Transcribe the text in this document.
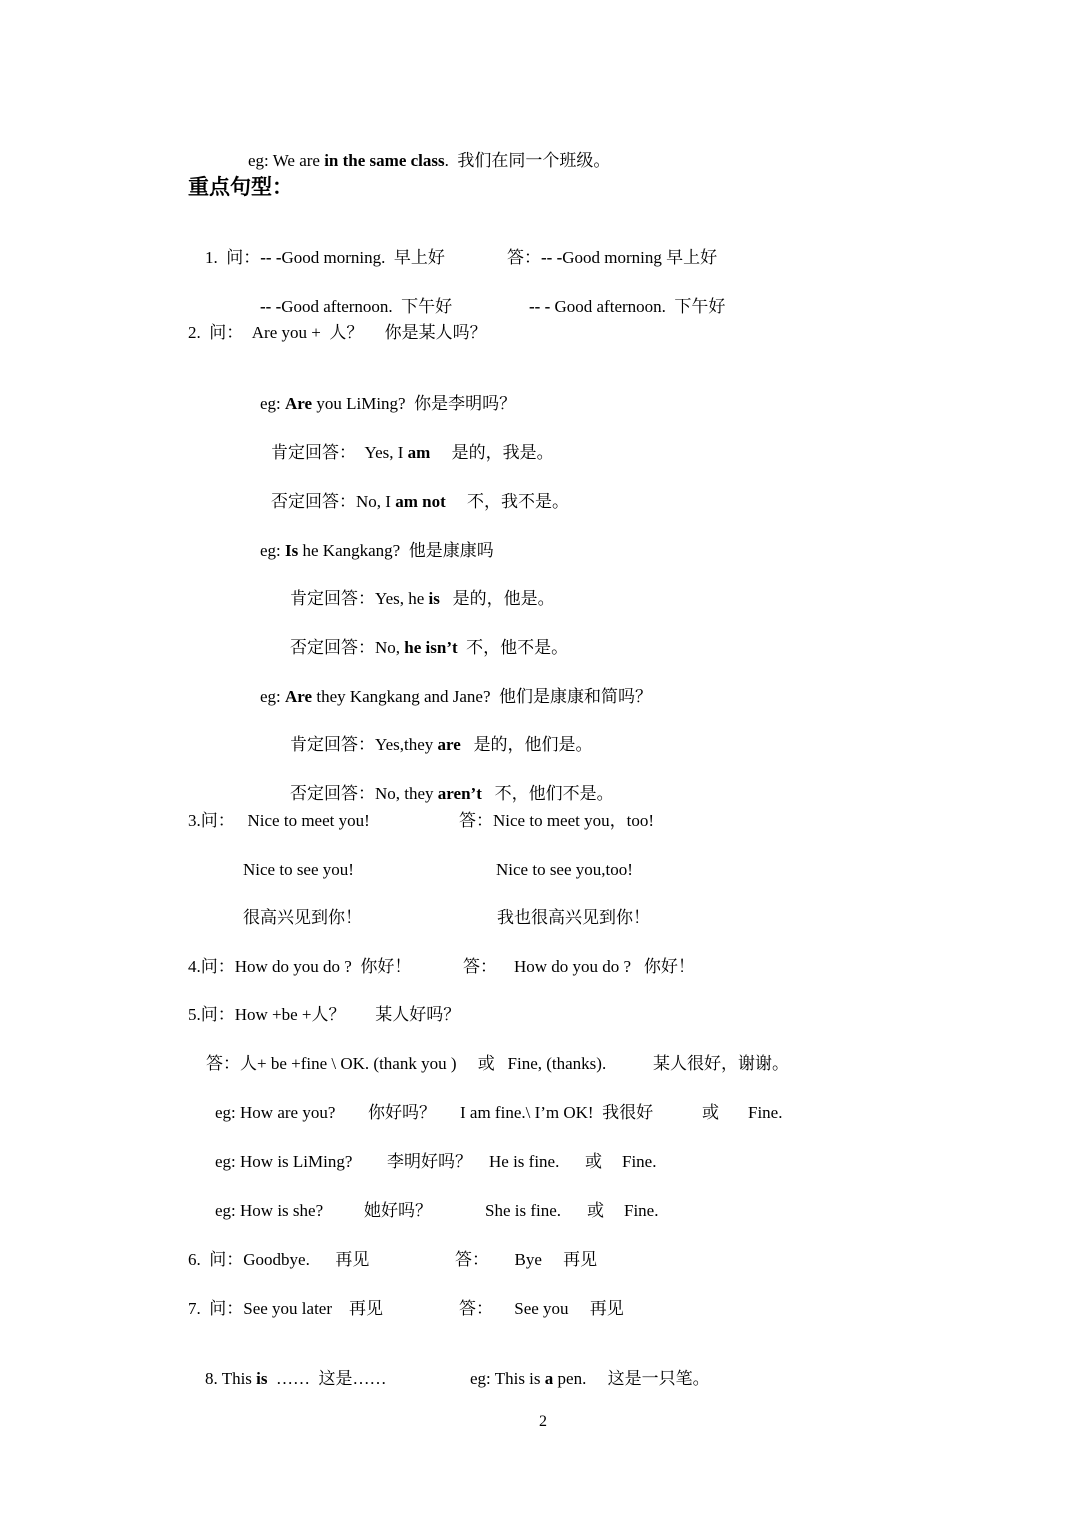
eg: We are in the same class.  我们在同一个班级。

重点句型：

1.  问：-- -Good morning.  早上好
	答：-- -Good morning 早上好

-- -Good afternoon.  下午好
	-- - Good afternoon.  下午好

2.  问：  Are you +  人？     你是某人吗？

eg: Are you LiMing?  你是李明吗？

肯定回答：  Yes, I am     是的，我是。

否定回答：No, I am not     不，我不是。

eg: Is he Kangkang?  他是康康吗

肯定回答：Yes, he is   是的，他是。

否定回答：No, he isn’t  不，他不是。

eg: Are they Kangkang and Jane?  他们是康康和简吗？

肯定回答：Yes,they are   是的，他们是。

否定回答：No, they aren’t   不，他们不是。

3.问：   Nice to meet you!	答：Nice to meet you，too!
Nice to see you!	Nice to see you,too!
很高兴见到你！	我也很高兴见到你！
4.问：How do you do ?  你好！	答：    How do you do ?   你好！
5.问：How +be +人？       某人好吗？
答：人+ be +fine \ OK. (thank you )     或   Fine, (thanks).           某人很好，谢谢。
eg: How are you? 你好吗？ I am fine.\ I’m OK!  我很好	或 Fine.
eg: How is LiMing? 李明好吗？ He is fine. 或 Fine.
eg: How is she? 她好吗？	She is fine. 或 Fine.
6.  问：Goodbye.      再见	答：      Bye     再见
7.  问：See you later    再见	答：     See you     再见

8. This is  ……  这是……
	eg: This is a pen.     这是一只笔。

2
